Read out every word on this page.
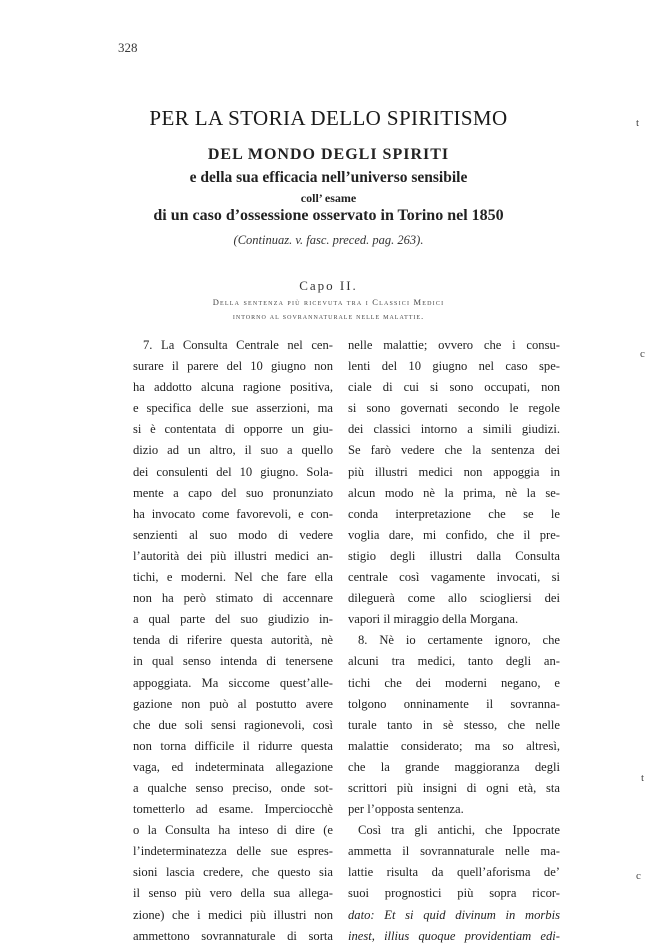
328
PER LA STORIA DELLO SPIRITISMO
DEL MONDO DEGLI SPIRITI
e della sua efficacia nell’universo sensibile
coll’ esame
di un caso d’ossessione osservato in Torino nel 1850
(Continuaz. v. fasc. preced. pag. 263).
Capo II.
Della sentenza più ricevuta tra i Classici Medici
intorno al sovrannaturale nelle malattie.
7. La Consulta Centrale nel cen-
surare il parere del 10 giugno non
ha addotto alcuna ragione positiva,
e specifica delle sue asserzioni, ma
si è contentata di opporre un giu-
dizio ad un altro, il suo a quello
dei consulenti del 10 giugno. Sola-
mente a capo del suo pronunziato
ha invocato come favorevoli, e con-
senzienti al suo modo di vedere
l’autorità dei più illustri medici an-
tichi, e moderni. Nel che fare ella
non ha però stimato di accennare
a qual parte del suo giudizio in-
tenda di riferire questa autorità, nè
in qual senso intenda di tenersene
appoggiata. Ma siccome quest’alle-
gazione non può al postutto avere
che due soli sensi ragionevoli, così
non torna difficile il ridurre questa
vaga, ed indeterminata allegazione
a qualche senso preciso, onde sot-
tometterlo ad esame. Imperciocchè
o la Consulta ha inteso di dire (e
l’indeterminatezza delle sue espres-
sioni lascia credere, che questo sia
il senso più vero della sua allega-
zione) che i medici più illustri non
ammettono sovrannaturale di sorta
nelle malattie; ovvero che i consu-
lenti del 10 giugno nel caso spe-
ciale di cui si sono occupati, non
si sono governati secondo le regole
dei classici intorno a simili giudizi.
Se farò vedere che la sentenza dei
più illustri medici non appoggia in
alcun modo nè la prima, nè la se-
conda interpretazione che se le
voglia dare, mi confido, che il pre-
stigio degli illustri dalla Consulta
centrale così vagamente invocati, si
dileguerà come allo sciogliersi dei
vapori il miraggio della Morgana.
8. Nè io certamente ignoro, che
alcuni tra medici, tanto degli an-
tichi che dei moderni negano, e
tolgono onninamente il sovranna-
turale tanto in sè stesso, che nelle
malattie considerato; ma so altresì,
che la grande maggioranza degli
scrittori più insigni di ogni età, sta
per l’opposta sentenza.
Così tra gli antichi, che Ippocrate
ammetta il sovrannaturale nelle ma-
lattie risulta da quell’aforisma de’
suoi prognostici più sopra ricor-
dato: Et si quid divinum in morbis
inest, illius quoque providentiam edi-
t
c
t
c
